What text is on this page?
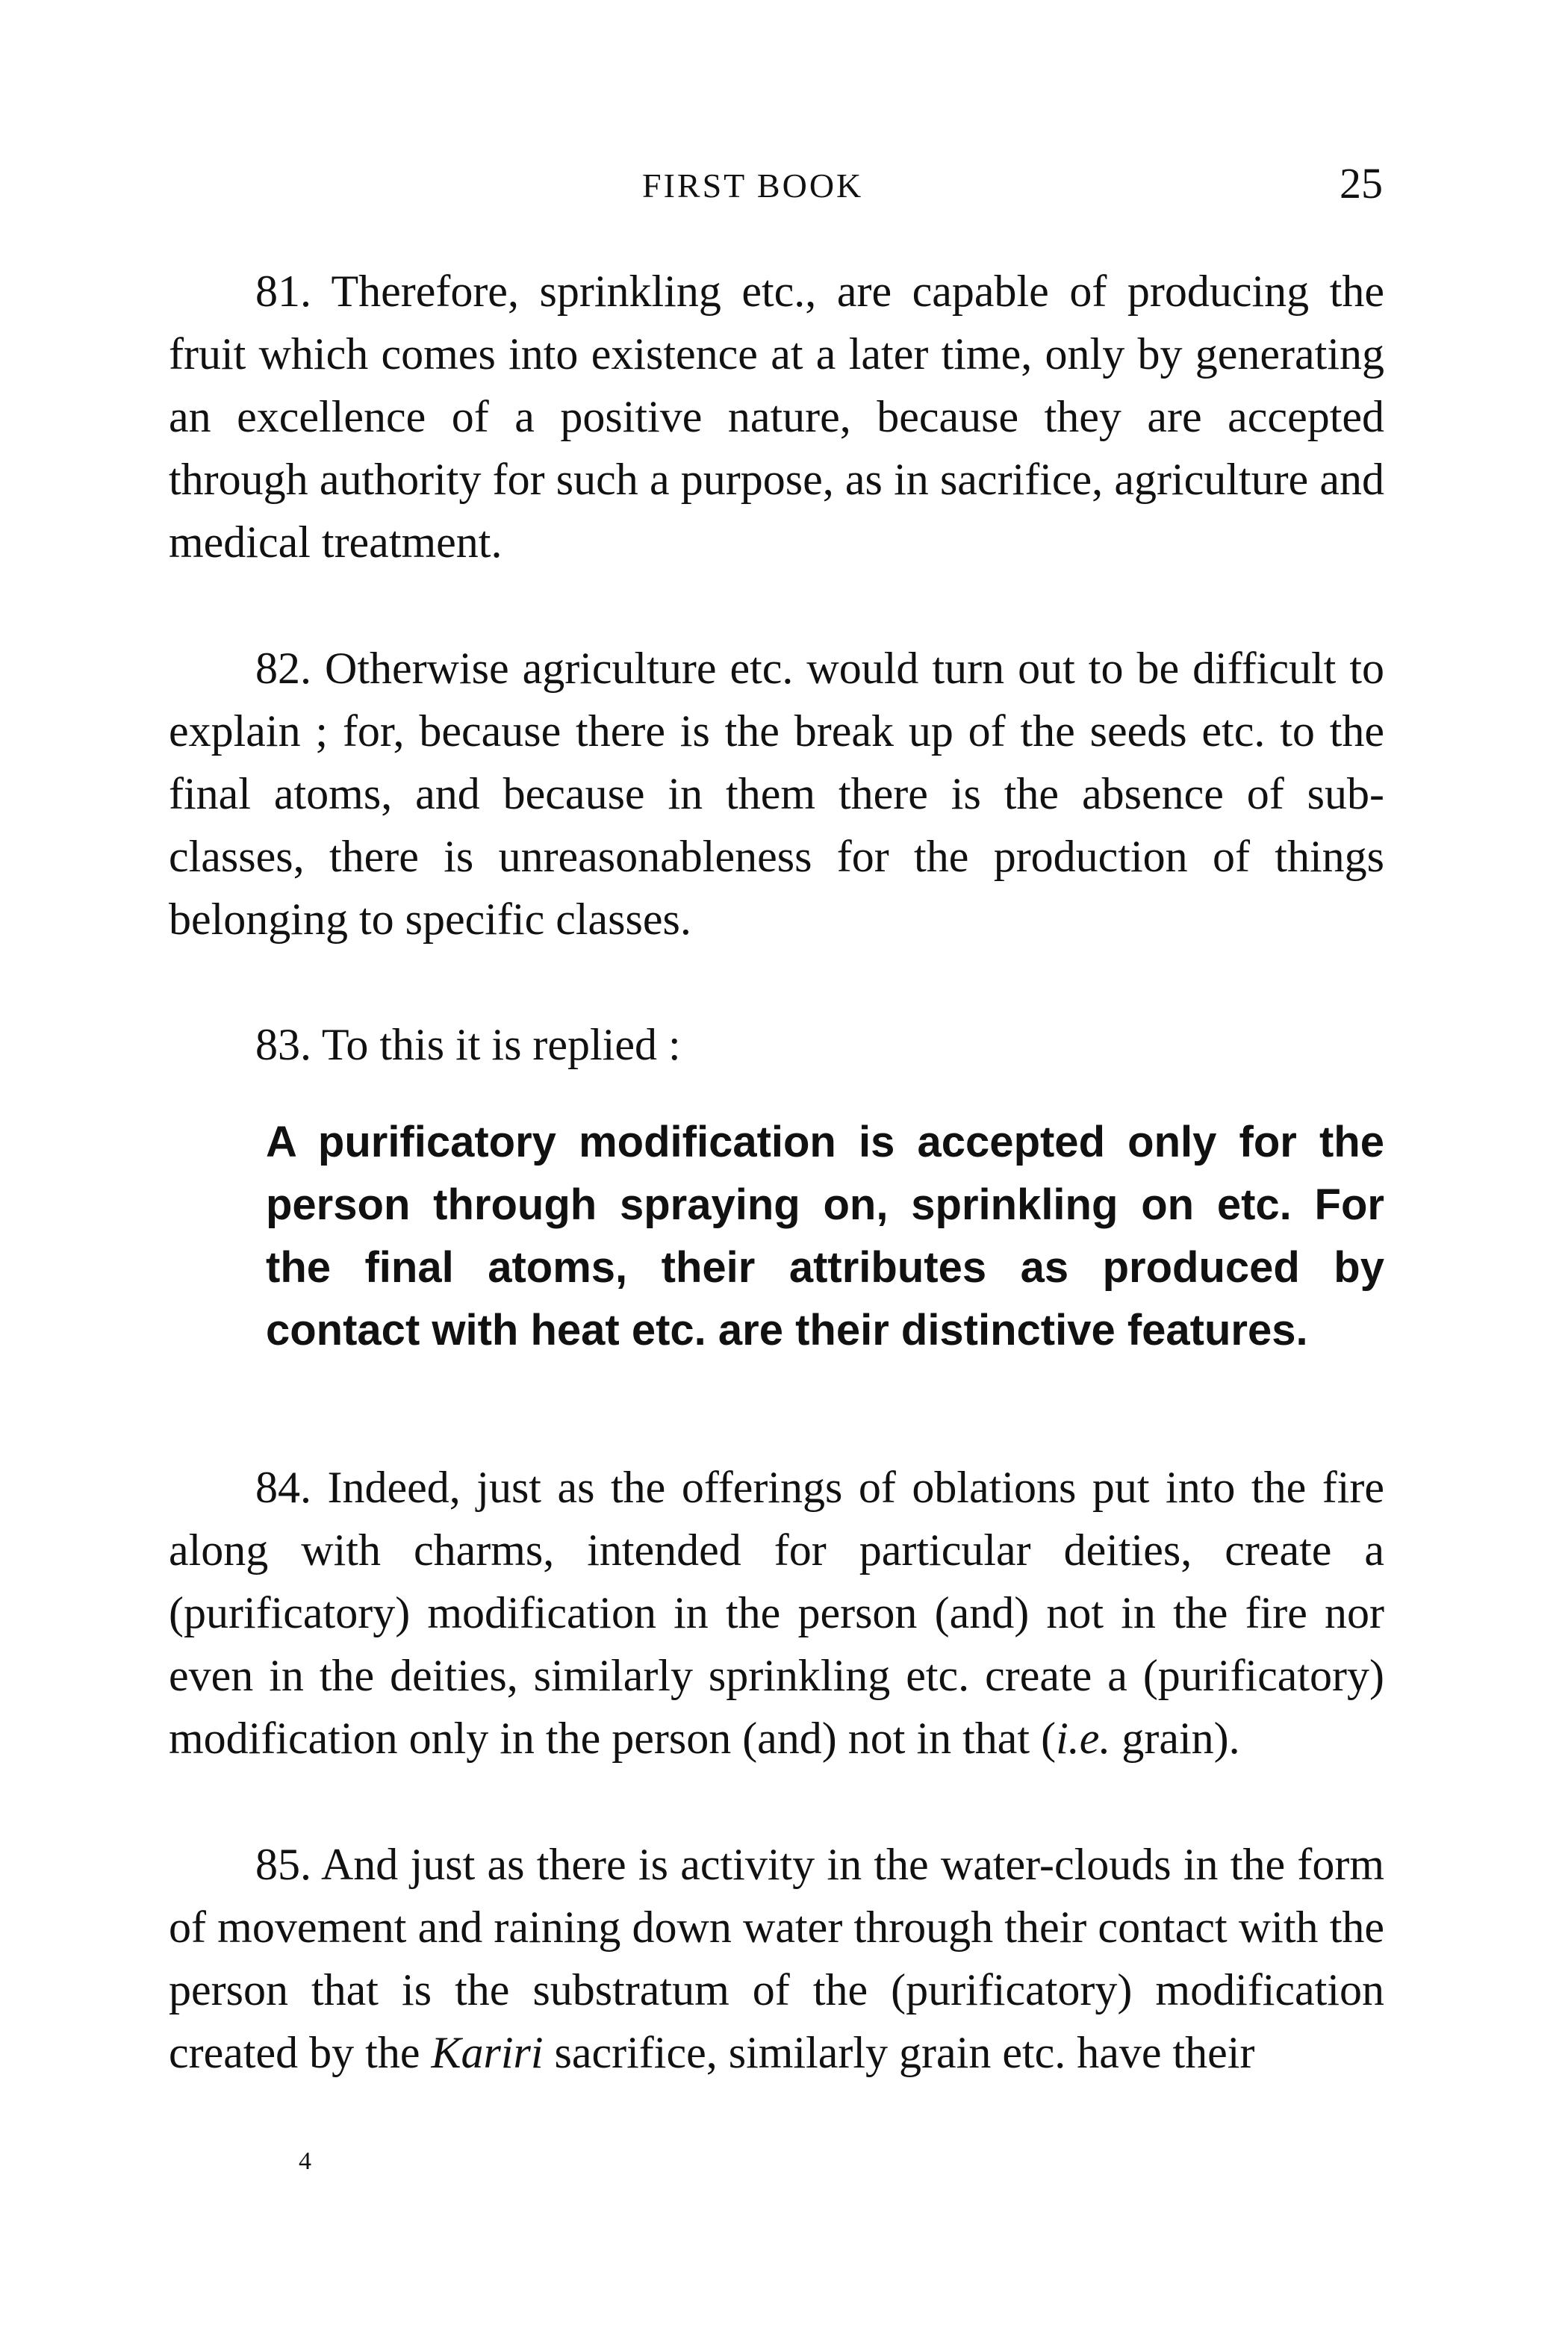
FIRST BOOK	25

81. Therefore, sprinkling etc., are capable of producing the fruit which comes into existence at a later time, only by generating an excellence of a positive nature, because they are accepted through authority for such a purpose, as in sacrifice, agriculture and medical treatment.

82. Otherwise agriculture etc. would turn out to be difficult to explain ; for, because there is the break up of the seeds etc. to the final atoms, and because in them there is the absence of sub-classes, there is unreasonableness for the production of things belonging to specific classes.

83. To this it is replied :

A purificatory modification is accepted only for the person through spraying on, sprinkling on etc. For the final atoms, their attributes as produced by contact with heat etc. are their distinctive features.

84. Indeed, just as the offerings of oblations put into the fire along with charms, intended for particular deities, create a (purificatory) modification in the person (and) not in the fire nor even in the deities, similarly sprinkling etc. create a (purificatory) modification only in the person (and) not in that (i.e. grain).

85. And just as there is activity in the water-clouds in the form of movement and raining down water through their contact with the person that is the substratum of the (purificatory) modification created by the Kariri sacrifice, similarly grain etc. have their

4
